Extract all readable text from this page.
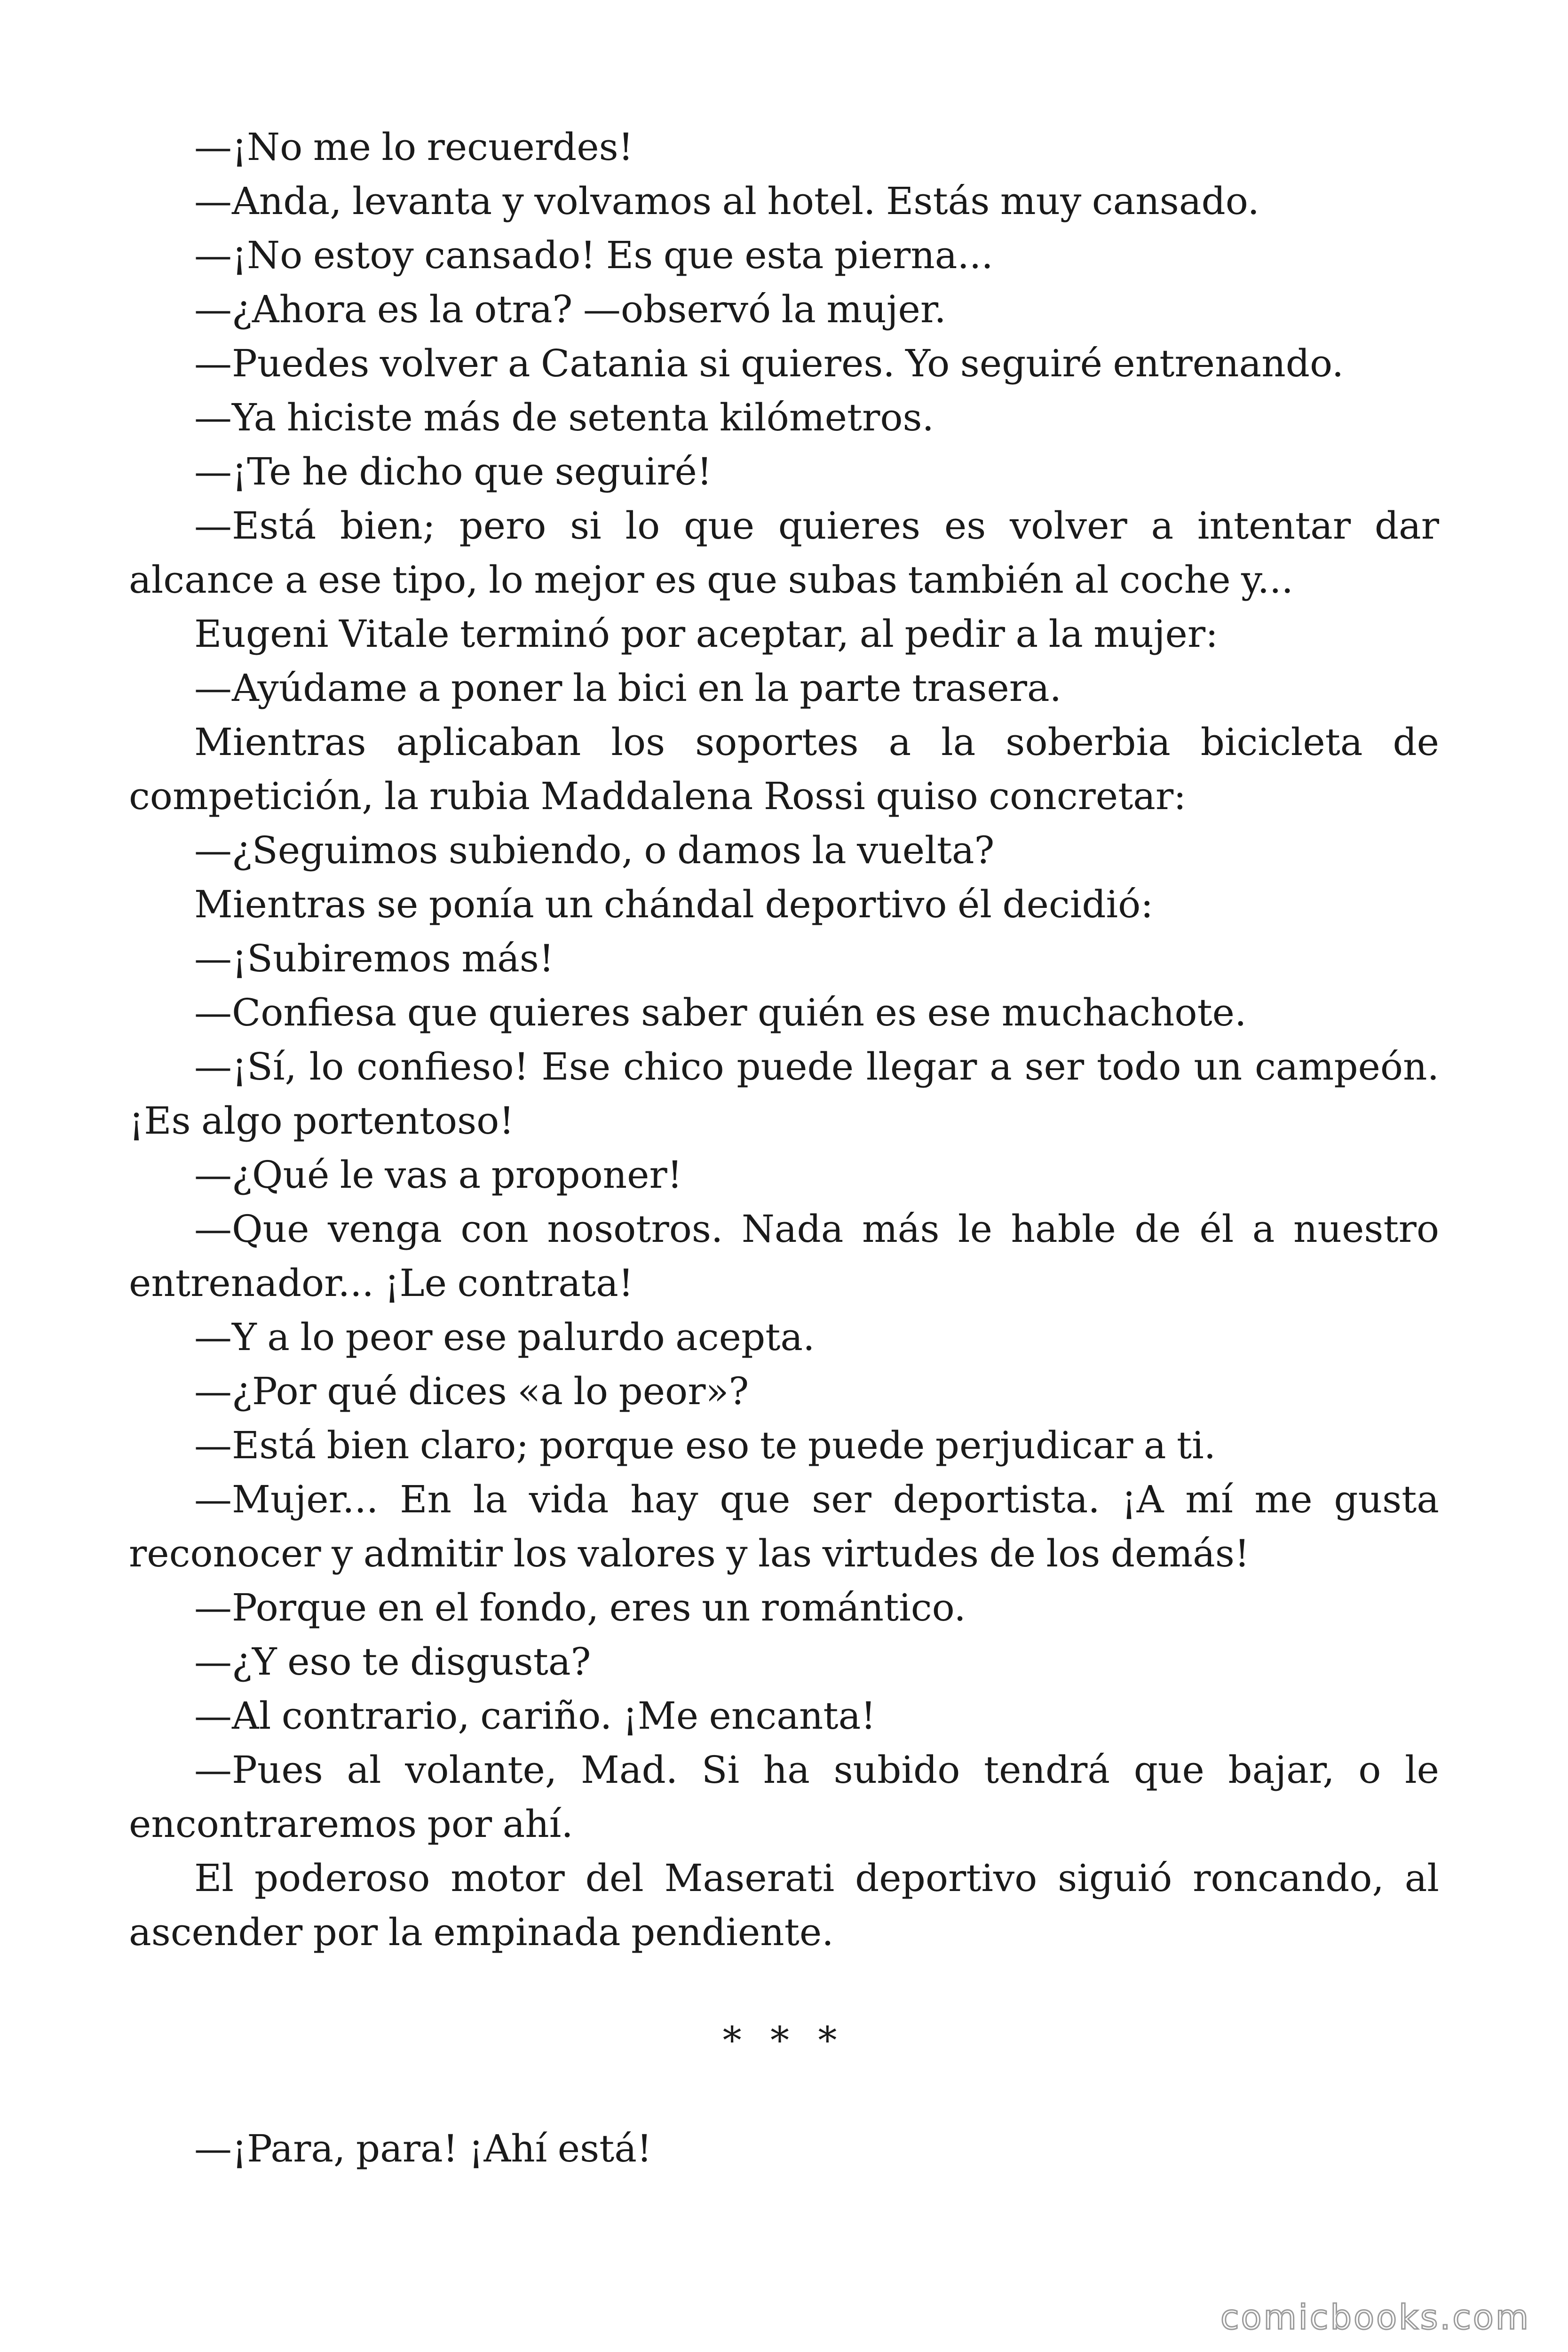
—¡No me lo recuerdes!

—Anda, levanta y volvamos al hotel. Estás muy cansado.

—¡No estoy cansado! Es que esta pierna...

—¿Ahora es la otra? —observó la mujer.

—Puedes volver a Catania si quieres. Yo seguiré entrenando.

—Ya hiciste más de setenta kilómetros.

—¡Te he dicho que seguiré!

—Está bien; pero si lo que quieres es volver a intentar dar alcance a ese tipo, lo mejor es que subas también al coche y...

Eugeni Vitale terminó por aceptar, al pedir a la mujer:

—Ayúdame a poner la bici en la parte trasera.

Mientras aplicaban los soportes a la soberbia bicicleta de competición, la rubia Maddalena Rossi quiso concretar:

—¿Seguimos subiendo, o damos la vuelta?

Mientras se ponía un chándal deportivo él decidió:

—¡Subiremos más!

—Confiesa que quieres saber quién es ese muchachote.

—¡Sí, lo confieso! Ese chico puede llegar a ser todo un campeón. ¡Es algo portentoso!

—¿Qué le vas a proponer!

—Que venga con nosotros. Nada más le hable de él a nuestro entrenador... ¡Le contrata!

—Y a lo peor ese palurdo acepta.

—¿Por qué dices «a lo peor»?

—Está bien claro; porque eso te puede perjudicar a ti.

—Mujer... En la vida hay que ser deportista. ¡A mí me gusta reconocer y admitir los valores y las virtudes de los demás!

—Porque en el fondo, eres un romántico.

—¿Y eso te disgusta?

—Al contrario, cariño. ¡Me encanta!

—Pues al volante, Mad. Si ha subido tendrá que bajar, o le encontraremos por ahí.

El poderoso motor del Maserati deportivo siguió roncando, al ascender por la empinada pendiente.

* * *

—¡Para, para! ¡Ahí está!

comicbooks.com
